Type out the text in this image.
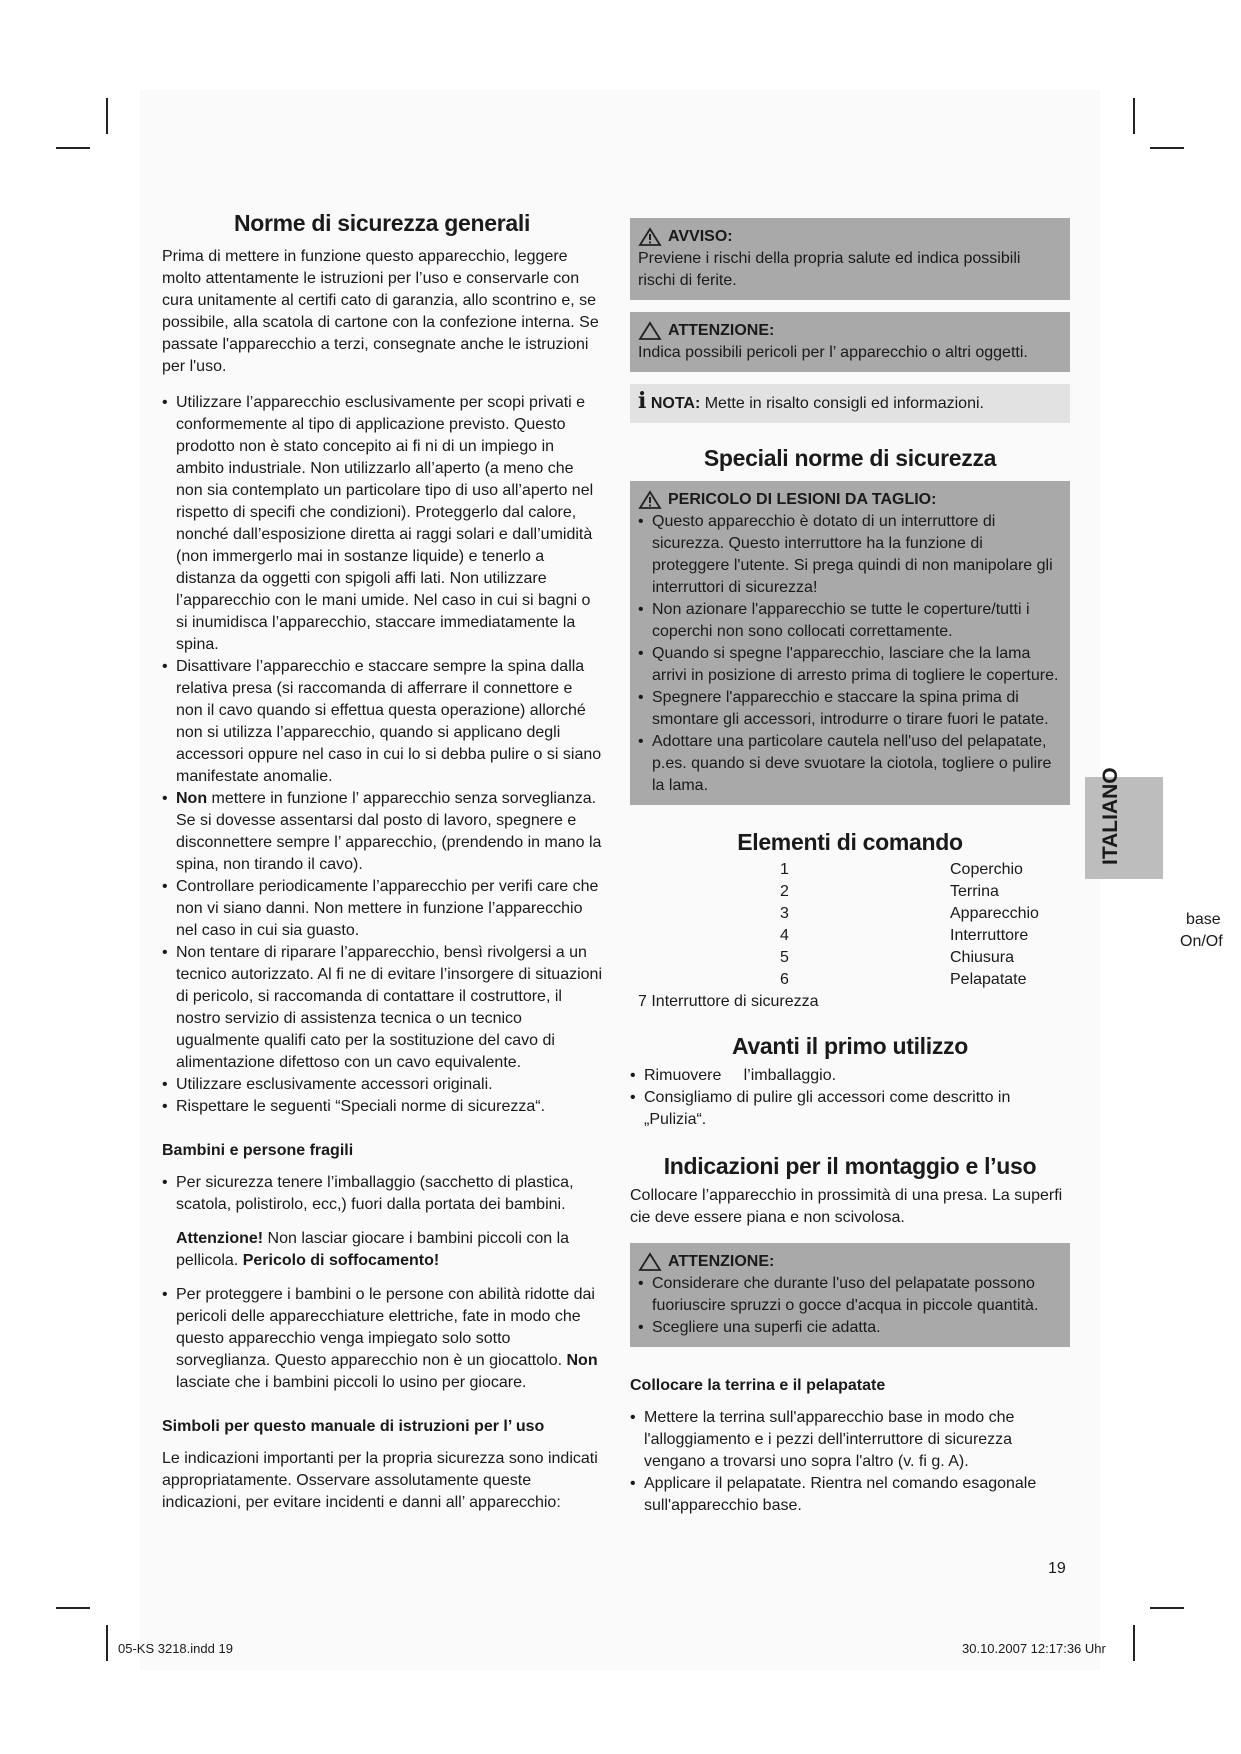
Norme di sicurezza generali

Prima di mettere in funzione questo apparecchio, leggere molto attentamente le istruzioni per l’uso e conservarle con cura unitamente al certifi cato di garanzia, allo scontrino e, se possibile, alla scatola di cartone con la confezione interna. Se passate l'apparecchio a terzi, consegnate anche le istruzioni per l'uso.

• Utilizzare l’apparecchio esclusivamente per scopi privati e conformemente al tipo di applicazione previsto. Questo prodotto non è stato concepito ai fi ni di un impiego in ambito industriale. Non utilizzarlo all’aperto (a meno che non sia contemplato un particolare tipo di uso all’aperto nel rispetto di specifi che condizioni). Proteggerlo dal calore, nonché dall’esposizione diretta ai raggi solari e dall’umidità (non immergerlo mai in sostanze liquide) e tenerlo a distanza da oggetti con spigoli affi lati. Non utilizzare l’apparecchio con le mani umide. Nel caso in cui si bagni o si inumidisca l’apparecchio, staccare immediatamente la spina.
• Disattivare l’apparecchio e staccare sempre la spina dalla relativa presa (si raccomanda di afferrare il connettore e non il cavo quando si effettua questa operazione) allorché non si utilizza l’apparecchio, quando si applicano degli accessori oppure nel caso in cui lo si debba pulire o si siano manifestate anomalie.
• Non mettere in funzione l’ apparecchio senza sorveglianza. Se si dovesse assentarsi dal posto di lavoro, spegnere e disconnettere sempre l’ apparecchio, (prendendo in mano la spina, non tirando il cavo).
• Controllare periodicamente l’apparecchio per verifi care che non vi siano danni. Non mettere in funzione l’apparecchio nel caso in cui sia guasto.
• Non tentare di riparare l’apparecchio, bensì rivolgersi a un tecnico autorizzato. Al fi ne di evitare l’insorgere di situazioni di pericolo, si raccomanda di contattare il costruttore, il nostro servizio di assistenza tecnica o un tecnico ugualmente qualifi cato per la sostituzione del cavo di alimentazione difettoso con un cavo equivalente.
• Utilizzare esclusivamente accessori originali.
• Rispettare le seguenti “Speciali norme di sicurezza“.
Bambini e persone fragili
• Per sicurezza tenere l’imballaggio (sacchetto di plastica, scatola, polistirolo, ecc,) fuori dalla portata dei bambini.
Attenzione! Non lasciar giocare i bambini piccoli con la pellicola. Pericolo di soffocamento!
• Per proteggere i bambini o le persone con abilità ridotte dai pericoli delle apparecchiature elettriche, fate in modo che questo apparecchio venga impiegato solo sotto sorveglianza. Questo apparecchio non è un giocattolo. Non lasciate che i bambini piccoli lo usino per giocare.
Simboli per questo manuale di istruzioni per l’ uso

Le indicazioni importanti per la propria sicurezza sono indicati appropriatamente. Osservare assolutamente queste indicazioni, per evitare incidenti e danni all’ apparecchio:

AVVISO:
Previene i rischi della propria salute ed indica possibili rischi di ferite.
ATTENZIONE:
Indica possibili pericoli per l’ apparecchio o altri oggetti.
i NOTA: Mette in risalto consigli ed informazioni.
Speciali norme di sicurezza
PERICOLO DI LESIONI DA TAGLIO:
• Questo apparecchio è dotato di un interruttore di sicurezza. Questo interruttore ha la funzione di proteggere l'utente. Si prega quindi di non manipolare gli interruttori di sicurezza!
• Non azionare l'apparecchio se tutte le coperture/tutti i coperchi non sono collocati correttamente.
• Quando si spegne l'apparecchio, lasciare che la lama arrivi in posizione di arresto prima di togliere le coperture.
• Spegnere l'apparecchio e staccare la spina prima di smontare gli accessori, introdurre o tirare fuori le patate.
• Adottare una particolare cautela nell'uso del pelapatate, p.es. quando si deve svuotare la ciotola, togliere o pulire la lama.
Elementi di comando
1	Coperchio
2	Terrina
3	Apparecchio
4	Interruttore
5	Chiusura
6	Pelapatate
7 Interruttore di sicurezza
Avanti il primo utilizzo
• Rimuovere     l’imballaggio.
• Consigliamo di pulire gli accessori come descritto in „Pulizia“.
Indicazioni per il montaggio e l’uso

Collocare l’apparecchio in prossimità di una presa. La superfi cie deve essere piana e non scivolosa.

ATTENZIONE:
• Considerare che durante l'uso del pelapatate possono fuoriuscire spruzzi o gocce d'acqua in piccole quantità.
• Scegliere una superfi cie adatta.
Collocare la terrina e il pelapatate
• Mettere la terrina sull'apparecchio base in modo che l'alloggiamento e i pezzi dell'interruttore di sicurezza vengano a trovarsi uno sopra l'altro (v. fi g. A).
• Applicare il pelapatate. Rientra nel comando esagonale sull'apparecchio base.
base
On/Of
ITALIANO
19
05-KS 3218.indd 19	30.10.2007 12:17:36 Uhr
